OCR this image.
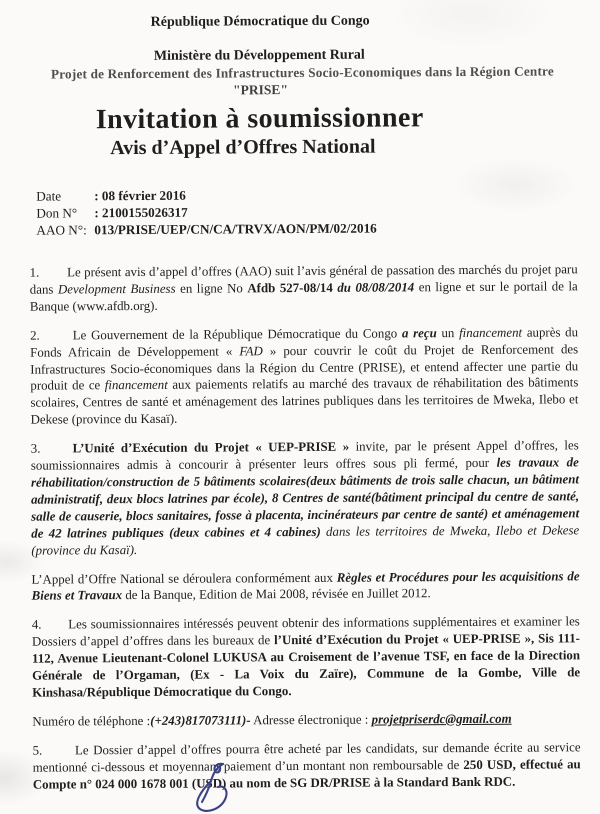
République Démocratique du Congo
Ministère du Développement Rural
Projet de Renforcement des Infrastructures Socio-Economiques dans la Région Centre
"PRISE"
Invitation à soumissionner
Avis d’Appel d’Offres National
Date	: 08 février 2016
Don N°	: 2100155026317
AAO N°: 013/PRISE/UEP/CN/CA/TRVX/AON/PM/02/2016

1.        Le présent avis d’appel d’offres (AAO) suit l’avis général de passation des marchés du projet paru dans Development Business en ligne No Afdb 527-08/14 du 08/08/2014 en ligne et sur le portail de la Banque (www.afdb.org).

2.       Le Gouvernement de la République Démocratique du Congo a reçu un financement auprès du Fonds Africain de Développement « FAD » pour couvrir le coût du Projet de Renforcement des Infrastructures Socio-économiques dans la Région du Centre (PRISE), et entend affecter une partie du produit de ce financement aux paiements relatifs au marché des travaux de réhabilitation des bâtiments scolaires, Centres de santé et aménagement des latrines publiques dans les territoires de Mweka, Ilebo et Dekese (province du Kasaï).

3.     L’Unité d’Exécution du Projet « UEP-PRISE » invite, par le présent Appel d’offres, les soumissionnaires admis à concourir à présenter leurs offres sous pli fermé, pour les travaux de réhabilitation/construction de 5 bâtiments scolaires(deux bâtiments de trois salle chacun, un bâtiment administratif, deux blocs latrines par école), 8 Centres de santé(bâtiment principal du centre de santé, salle de causerie, blocs sanitaires, fosse à placenta, incinérateurs par centre de santé) et aménagement de 42 latrines publiques (deux cabines et 4 cabines) dans les territoires de Mweka, Ilebo et Dekese (province du Kasaï).

L’Appel d’Offre National se déroulera conformément aux Règles et Procédures pour les acquisitions de Biens et Travaux de la Banque, Edition de Mai 2008, révisée en Juillet 2012.

4.       Les soumissionnaires intéressés peuvent obtenir des informations supplémentaires et examiner les Dossiers d’appel d’offres dans les bureaux de l’Unité d’Exécution du Projet « UEP-PRISE », Sis 111-112, Avenue Lieutenant-Colonel LUKUSA au Croisement de l’avenue TSF, en face de la Direction Générale de l’Orgaman, (Ex - La Voix du Zaïre), Commune de la Gombe, Ville de Kinshasa/République Démocratique du Congo.

Numéro de téléphone :(+243)817073111)- Adresse électronique : projetpriserdc@gmail.com

5.       Le Dossier d’appel d’offres pourra être acheté par les candidats, sur demande écrite au service mentionné ci-dessous et moyennant paiement d’un montant non remboursable de 250 USD, effectué au Compte n° 024 000 1678 001 (USD) au nom de SG DR/PRISE à la Standard Bank RDC.
